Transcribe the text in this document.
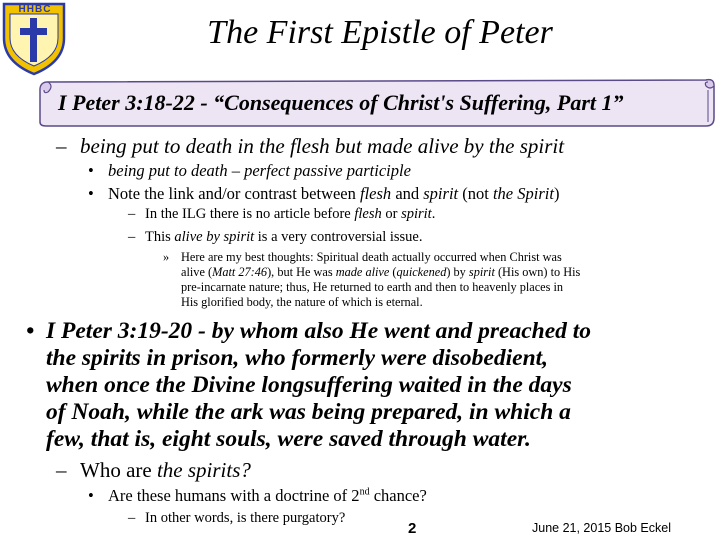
HHBC
The First Epistle of Peter
I Peter 3:18-22 - “Consequences of Christ's Suffering, Part 1”
– being put to death in the flesh but made alive by the spirit
• being put to death – perfect passive participle
• Note the link and/or contrast between flesh and spirit (not the Spirit)
– In the ILG there is no article before flesh or spirit.
– This alive by spirit is a very controversial issue.
» Here are my best thoughts: Spiritual death actually occurred when Christ was
alive (Matt 27:46), but He was made alive (quickened) by spirit (His own) to His
pre-incarnate nature; thus, He returned to earth and then to heavenly places in
His glorified body, the nature of which is eternal.
• I Peter 3:19-20 - by whom also He went and preached to
the spirits in prison, who formerly were disobedient,
when once the Divine longsuffering waited in the days
of Noah, while the ark was being prepared, in which a
few, that is, eight souls, were saved through water.
– Who are the spirits?
• Are these humans with a doctrine of 2nd chance?
– In other words, is there purgatory?
2	June 21, 2015 Bob Eckel
